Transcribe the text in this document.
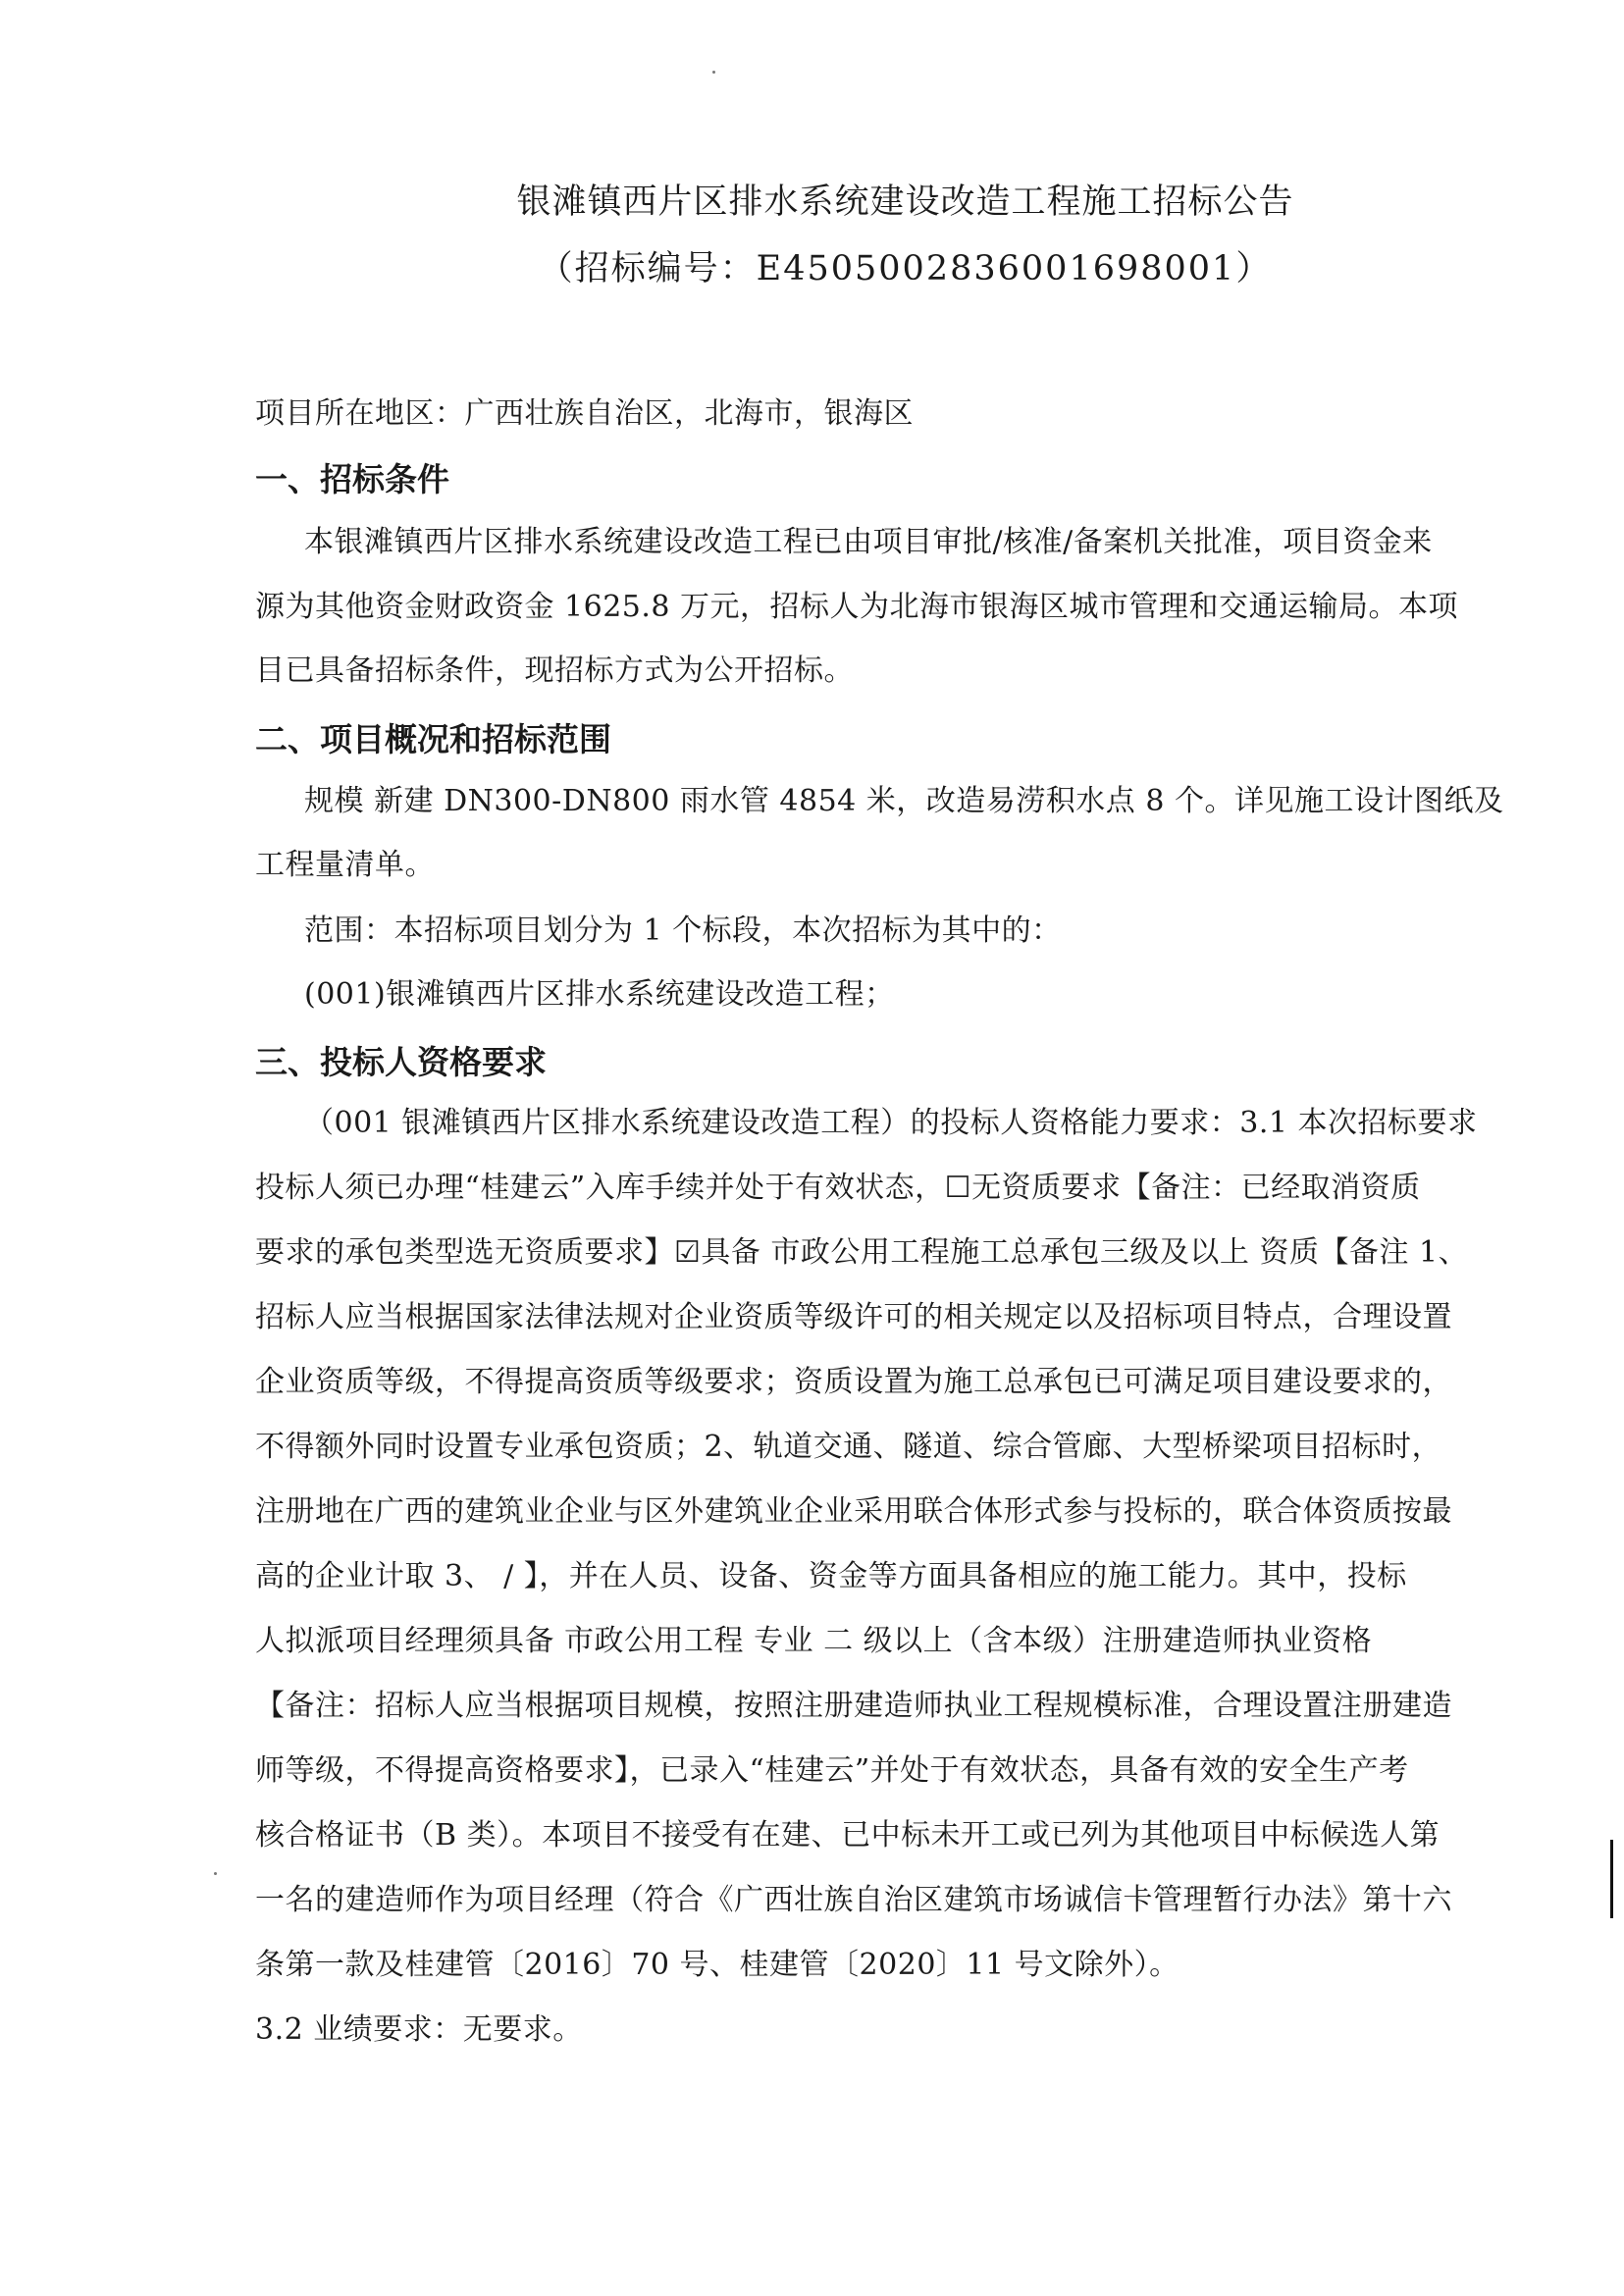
银滩镇西片区排水系统建设改造工程施工招标公告
（招标编号：E4505002836001698001）
项目所在地区：广西壮族自治区，北海市，银海区
一、招标条件
本银滩镇西片区排水系统建设改造工程已由项目审批/核准/备案机关批准，项目资金来
源为其他资金财政资金 1625.8 万元，招标人为北海市银海区城市管理和交通运输局。本项
目已具备招标条件，现招标方式为公开招标。
二、项目概况和招标范围
规模 新建 DN300-DN800 雨水管 4854 米，改造易涝积水点 8 个。详见施工设计图纸及
工程量清单。
范围：本招标项目划分为 1 个标段，本次招标为其中的：
(001)银滩镇西片区排水系统建设改造工程；
三、投标人资格要求
（001 银滩镇西片区排水系统建设改造工程）的投标人资格能力要求：3.1 本次招标要求
投标人须已办理“桂建云”入库手续并处于有效状态，☐无资质要求【备注：已经取消资质
要求的承包类型选无资质要求】☑具备 市政公用工程施工总承包三级及以上 资质【备注 1、
招标人应当根据国家法律法规对企业资质等级许可的相关规定以及招标项目特点，合理设置
企业资质等级，不得提高资质等级要求；资质设置为施工总承包已可满足项目建设要求的，
不得额外同时设置专业承包资质；2、轨道交通、隧道、综合管廊、大型桥梁项目招标时，
注册地在广西的建筑业企业与区外建筑业企业采用联合体形式参与投标的，联合体资质按最
高的企业计取 3、 / 】，并在人员、设备、资金等方面具备相应的施工能力。其中，投标
人拟派项目经理须具备 市政公用工程 专业 二 级以上（含本级）注册建造师执业资格
【备注：招标人应当根据项目规模，按照注册建造师执业工程规模标准，合理设置注册建造
师等级，不得提高资格要求】，已录入“桂建云”并处于有效状态，具备有效的安全生产考
核合格证书（B 类）。本项目不接受有在建、已中标未开工或已列为其他项目中标候选人第
一名的建造师作为项目经理（符合《广西壮族自治区建筑市场诚信卡管理暂行办法》第十六
条第一款及桂建管〔2016〕70 号、桂建管〔2020〕11 号文除外）。
3.2 业绩要求：无要求。
